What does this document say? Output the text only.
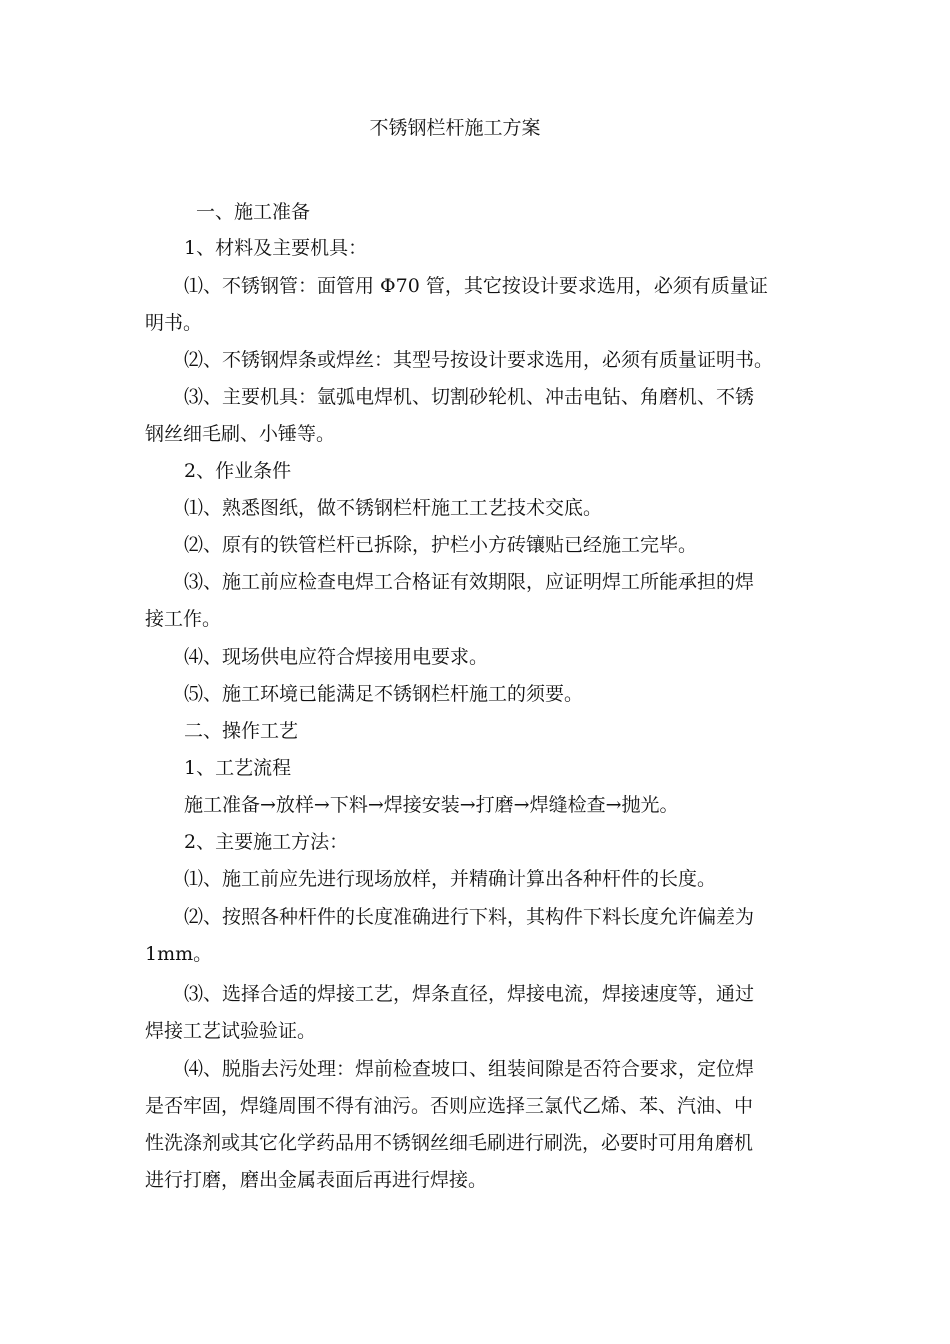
不锈钢栏杆施工方案
一、施工准备
1、材料及主要机具：
⑴、不锈钢管：面管用 Φ70 管，其它按设计要求选用，必须有质量证
明书。
⑵、不锈钢焊条或焊丝：其型号按设计要求选用，必须有质量证明书。
⑶、主要机具：氩弧电焊机、切割砂轮机、冲击电钻、角磨机、不锈
钢丝细毛刷、小锤等。
2、作业条件
⑴、熟悉图纸，做不锈钢栏杆施工工艺技术交底。
⑵、原有的铁管栏杆已拆除，护栏小方砖镶贴已经施工完毕。
⑶、施工前应检查电焊工合格证有效期限，应证明焊工所能承担的焊
接工作。
⑷、现场供电应符合焊接用电要求。
⑸、施工环境已能满足不锈钢栏杆施工的须要。
二、操作工艺
1、工艺流程
施工准备→放样→下料→焊接安装→打磨→焊缝检查→抛光。
2、主要施工方法：
⑴、施工前应先进行现场放样，并精确计算出各种杆件的长度。
⑵、按照各种杆件的长度准确进行下料，其构件下料长度允许偏差为
1mm。
⑶、选择合适的焊接工艺，焊条直径，焊接电流，焊接速度等，通过
焊接工艺试验验证。
⑷、脱脂去污处理：焊前检查坡口、组装间隙是否符合要求，定位焊
是否牢固，焊缝周围不得有油污。否则应选择三氯代乙烯、苯、汽油、中
性洗涤剂或其它化学药品用不锈钢丝细毛刷进行刷洗，必要时可用角磨机
进行打磨，磨出金属表面后再进行焊接。
